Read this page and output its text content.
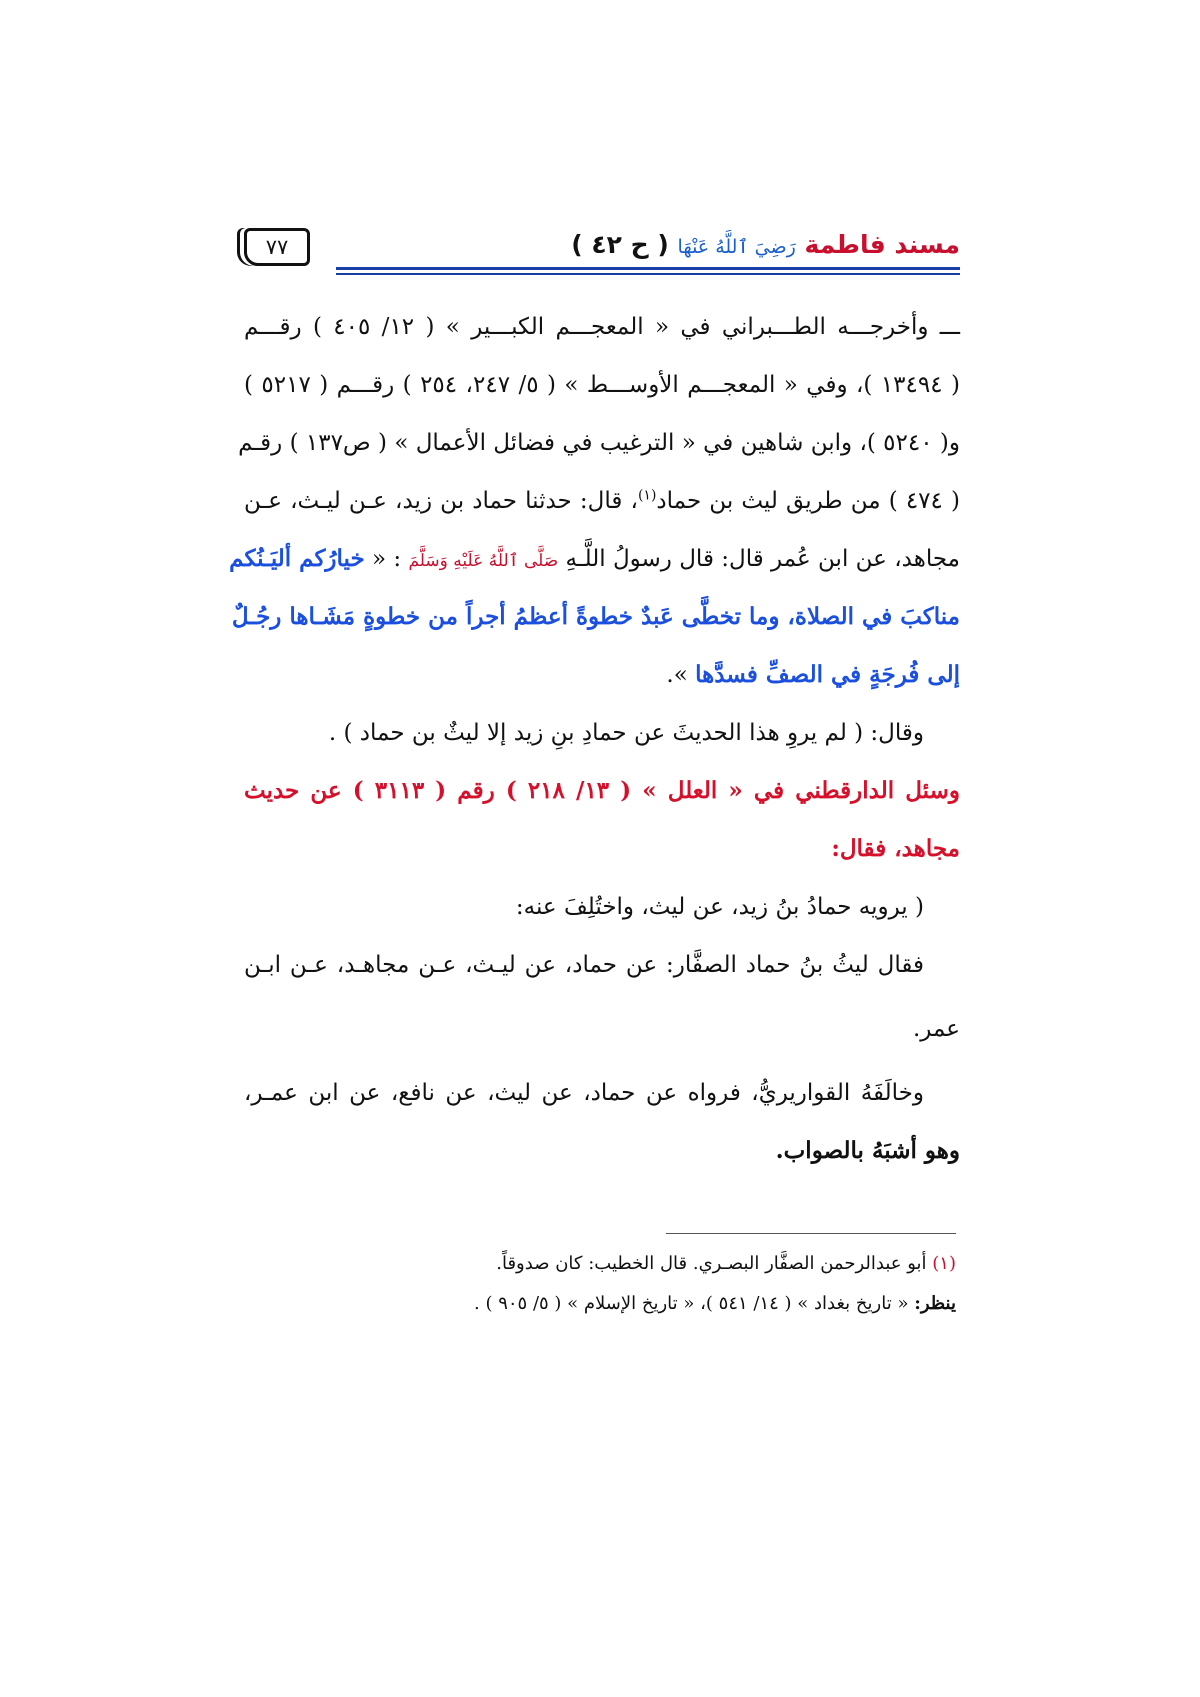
مسند فاطمة رَضِيَ ٱللَّهُ عَنْهَا ( ح ٤٢ )
٧٧
ـــ وأخرجـــه الطـــبراني في « المعجـــم الكبـــير » ( ١٢/ ٤٠٥ ) رقـــم
( ١٣٤٩٤ )، وفي « المعجـــم الأوســـط » ( ٥/ ٢٤٧، ٢٥٤ ) رقـــم ( ٥٢١٧ )
و( ٥٢٤٠ )، وابن شاهين في « الترغيب في فضائل الأعمال » ( ص١٣٧ ) رقـم
( ٤٧٤ ) من طريق ليث بن حماد$^{(١)}$، قال: حدثنا حماد بن زيد، عـن ليـث، عـن
مجاهد، عن ابن عُمر قال: قال رسولُ اللَّـهِ صَلَّى ٱللَّهُ عَلَيْهِ وَسَلَّمَ : « خيارُكم أليَـنُكم
مناكبَ في الصلاة، وما تخطَّى عَبدٌ خطوةً أعظمُ أجراً من خطوةٍ مَشَـاها رجُـلٌ
إلى فُرجَةٍ في الصفِّ فسدَّها ».
وقال: ( لم يروِ هذا الحديثَ عن حمادِ بنِ زيد إلا ليثٌ بن حماد ) .
وسئل الدارقطني في « العلل » ( ١٣/ ٢١٨ ) رقم ( ٣١١٣ ) عن حديث
مجاهد، فقال:
( يرويه حمادُ بنُ زيد، عن ليث، واختُلِفَ عنه:
فقال ليثُ بنُ حماد الصفَّار: عن حماد، عن ليـث، عـن مجاهـد، عـن ابـن
عمر.
وخالَفَهُ القواريريُّ، فرواه عن حماد، عن ليث، عن نافع، عن ابن عمـر،
وهو أشبَهُ بالصواب.
(١) أبو عبدالرحمن الصفَّار البصـري. قال الخطيب: كان صدوقاً.
ينظر: « تاريخ بغداد » ( ١٤/ ٥٤١ )، « تاريخ الإسلام » ( ٥/ ٩٠٥ ) .
